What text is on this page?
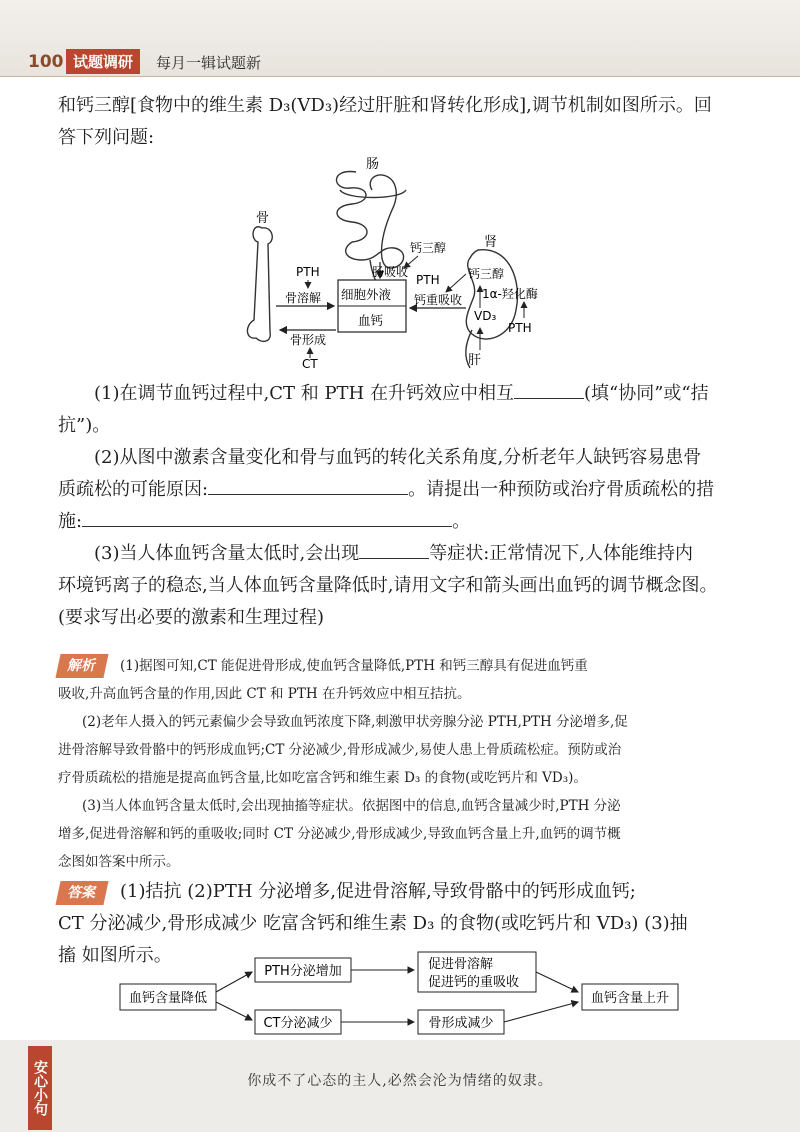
100 试题调研	每月一辑试题新
和钙三醇[食物中的维生素 D₃(VD₃)经过肝脏和肾转化形成],调节机制如图所示。回
答下列问题:
肠
骨
细胞外液
血钙
钙三醇
肠吸收
PTH
骨溶解
骨形成
CT
肾
PTH 钙三醇
钙重吸收 1α-羟化酶
VD₃
PTH
肝
(1)在调节血钙过程中,CT 和 PTH 在升钙效应中相互	(填“协同”或“拮
抗”)。
(2)从图中激素含量变化和骨与血钙的转化关系角度,分析老年人缺钙容易患骨
质疏松的可能原因:	。请提出一种预防或治疗骨质疏松的措
施:	。
(3)当人体血钙含量太低时,会出现	等症状:正常情况下,人体能维持内
环境钙离子的稳态,当人体血钙含量降低时,请用文字和箭头画出血钙的调节概念图。
(要求写出必要的激素和生理过程)
解析 (1)据图可知,CT 能促进骨形成,使血钙含量降低,PTH 和钙三醇具有促进血钙重
吸收,升高血钙含量的作用,因此 CT 和 PTH 在升钙效应中相互拮抗。
(2)老年人摄入的钙元素偏少会导致血钙浓度下降,刺激甲状旁腺分泌 PTH,PTH 分泌增多,促
进骨溶解导致骨骼中的钙形成血钙;CT 分泌减少,骨形成减少,易使人患上骨质疏松症。预防或治
疗骨质疏松的措施是提高血钙含量,比如吃富含钙和维生素 D₃ 的食物(或吃钙片和 VD₃)。
(3)当人体血钙含量太低时,会出现抽搐等症状。依据图中的信息,血钙含量减少时,PTH 分泌
增多,促进骨溶解和钙的重吸收;同时 CT 分泌减少,骨形成减少,导致血钙含量上升,血钙的调节概
念图如答案中所示。
答案 (1)拮抗 (2)PTH 分泌增多,促进骨溶解,导致骨骼中的钙形成血钙;
CT 分泌减少,骨形成减少 吃富含钙和维生素 D₃ 的食物(或吃钙片和 VD₃) (3)抽
搐 如图所示。
血钙含量降低
PTH分泌增加	促进骨溶解
促进钙的重吸收
CT分泌减少	骨形成减少
血钙含量上升
安心小句	你成不了心态的主人,必然会沦为情绪的奴隶。
